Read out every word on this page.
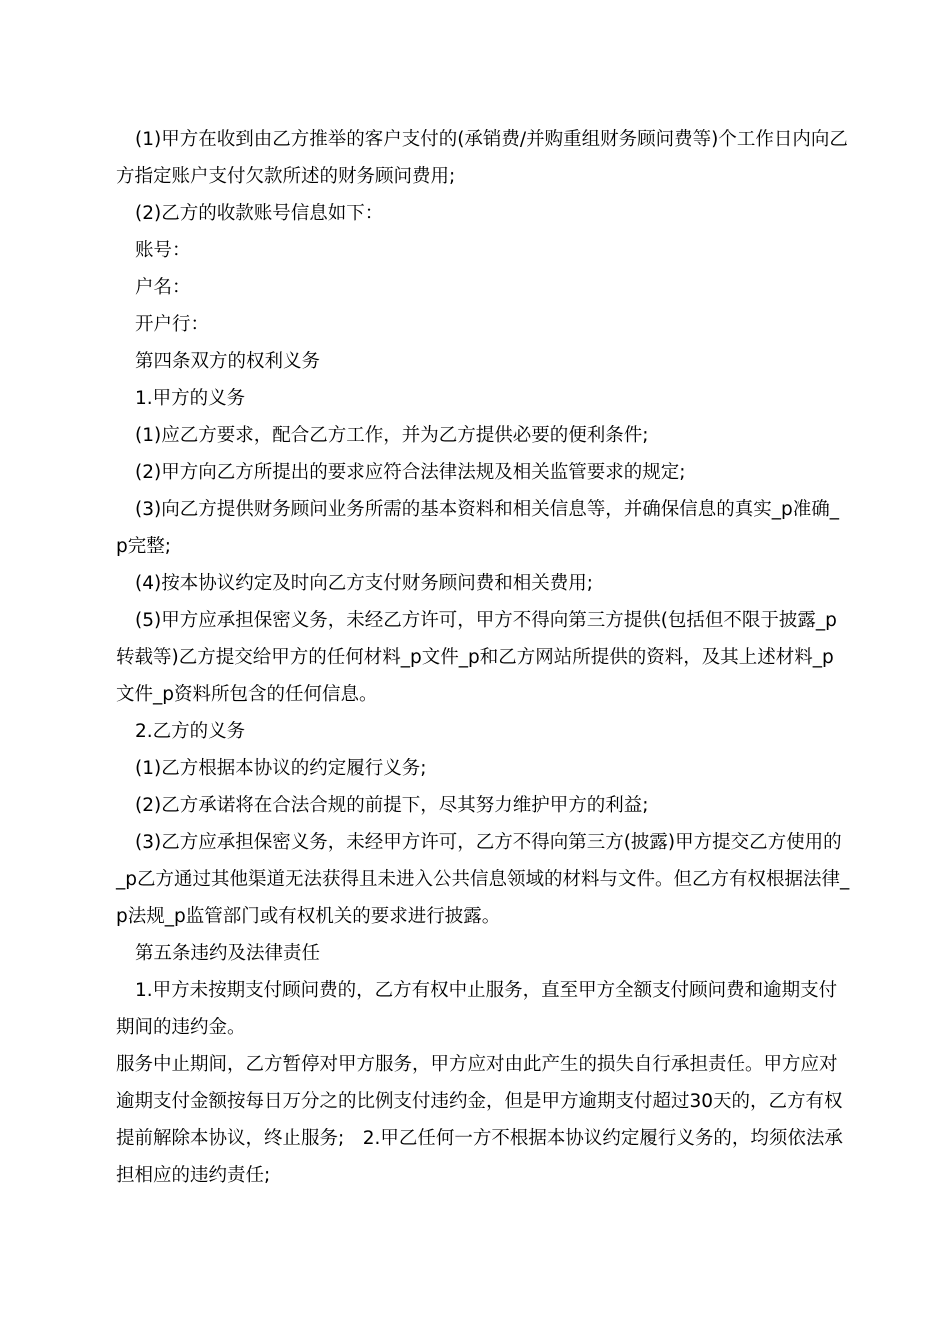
(1)甲方在收到由乙方推举的客户支付的(承销费/并购重组财务顾问费等)个工作日内向乙方指定账户支付欠款所述的财务顾问费用;

(2)乙方的收款账号信息如下：

账号：

户名：

开户行：

第四条双方的权利义务

1.甲方的义务

(1)应乙方要求，配合乙方工作，并为乙方提供必要的便利条件;

(2)甲方向乙方所提出的要求应符合法律法规及相关监管要求的规定;

(3)向乙方提供财务顾问业务所需的基本资料和相关信息等，并确保信息的真实_p准确_p完整;

(4)按本协议约定及时向乙方支付财务顾问费和相关费用;

(5)甲方应承担保密义务，未经乙方许可，甲方不得向第三方提供(包括但不限于披露_p转载等)乙方提交给甲方的任何材料_p文件_p和乙方网站所提供的资料，及其上述材料_p文件_p资料所包含的任何信息。

2.乙方的义务

(1)乙方根据本协议的约定履行义务;

(2)乙方承诺将在合法合规的前提下，尽其努力维护甲方的利益;

(3)乙方应承担保密义务，未经甲方许可，乙方不得向第三方(披露)甲方提交乙方使用的_p乙方通过其他渠道无法获得且未进入公共信息领域的材料与文件。但乙方有权根据法律_p法规_p监管部门或有权机关的要求进行披露。

第五条违约及法律责任

1.甲方未按期支付顾问费的，乙方有权中止服务，直至甲方全额支付顾问费和逾期支付期间的违约金。

服务中止期间，乙方暂停对甲方服务，甲方应对由此产生的损失自行承担责任。甲方应对逾期支付金额按每日万分之的比例支付违约金，但是甲方逾期支付超过30天的，乙方有权提前解除本协议，终止服务;　2.甲乙任何一方不根据本协议约定履行义务的，均须依法承担相应的违约责任;
